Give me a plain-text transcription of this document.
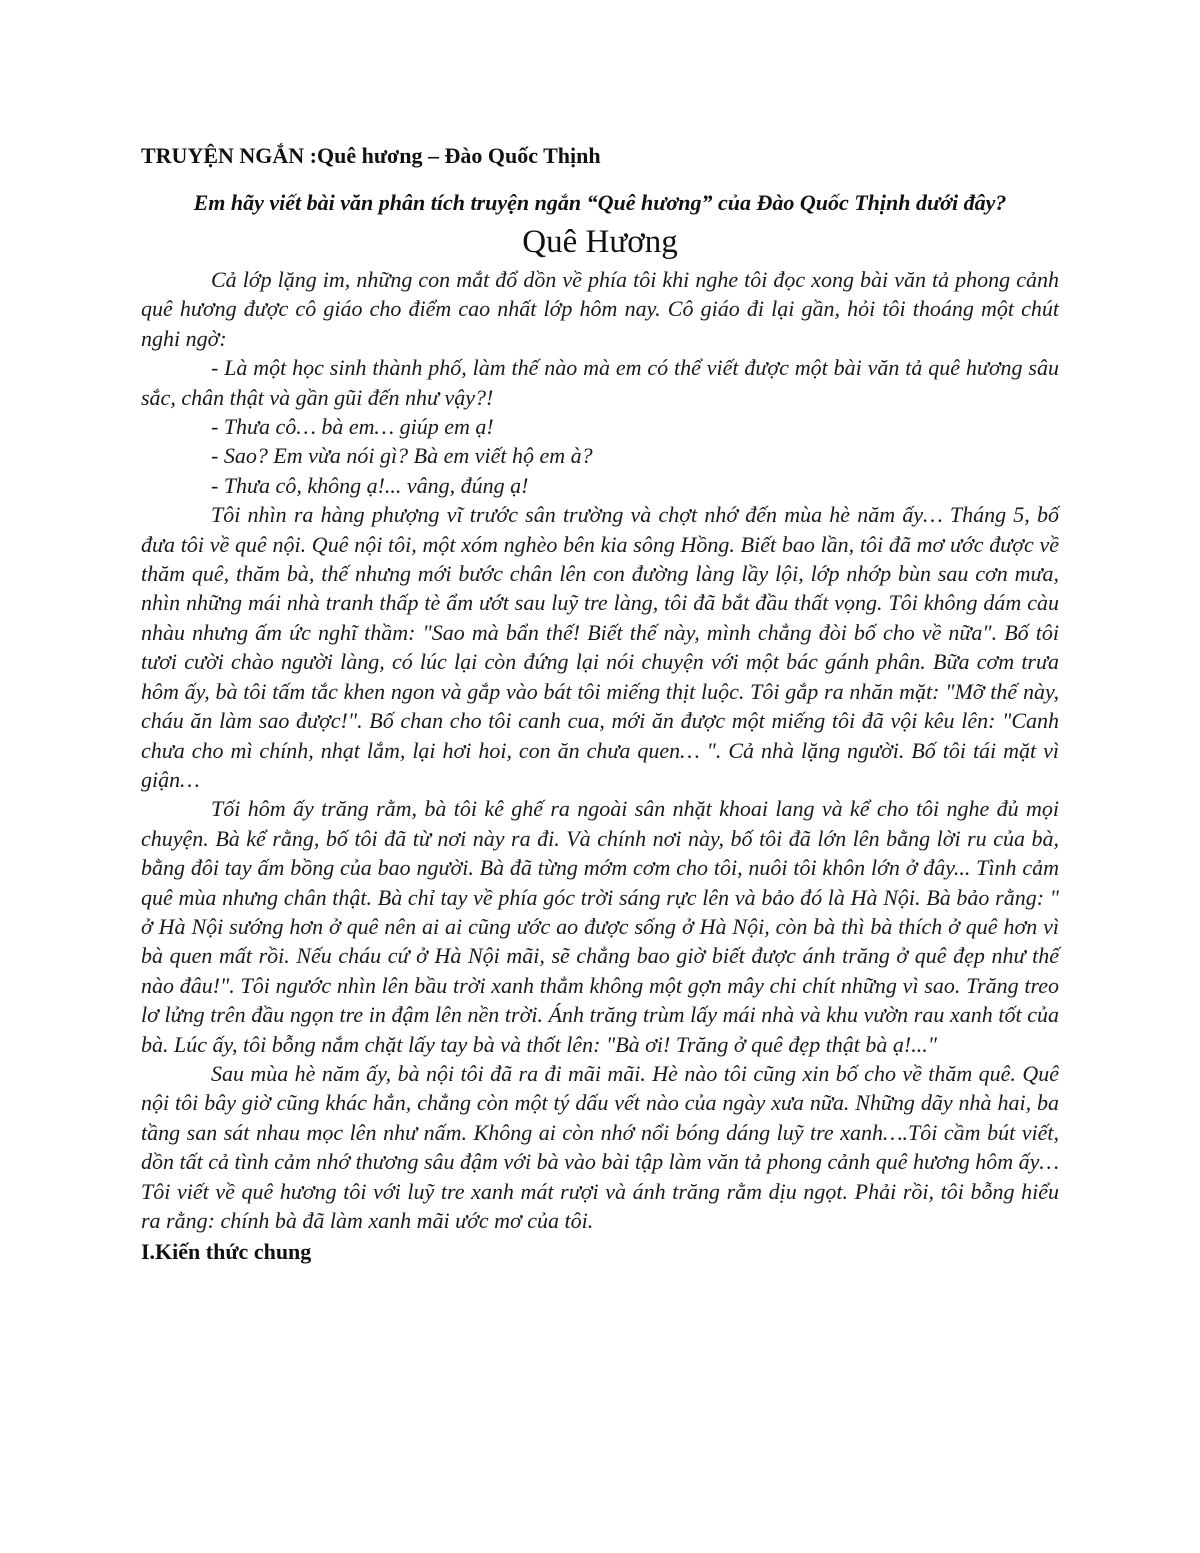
TRUYỆN NGẮN :Quê hương – Đào Quốc Thịnh

Em hãy viết bài văn phân tích truyện ngắn “Quê hương” của Đào Quốc Thịnh dưới đây?

Quê Hương

Cả lớp lặng im, những con mắt đổ dồn về phía tôi khi nghe tôi đọc xong bài văn tả phong cảnh quê hương được cô giáo cho điểm cao nhất lớp hôm nay. Cô giáo đi lại gần, hỏi tôi thoáng một chút nghi ngờ:

- Là một học sinh thành phố, làm thế nào mà em có thể viết được một bài văn tả quê hương sâu sắc, chân thật và gần gũi đến như vậy?!

- Thưa cô… bà em… giúp em ạ!

- Sao? Em vừa nói gì? Bà em viết hộ em à?

- Thưa cô, không ạ!... vâng, đúng ạ!

Tôi nhìn ra hàng phượng vĩ trước sân trường và chợt nhớ đến mùa hè năm ấy… Tháng 5, bố đưa tôi về quê nội. Quê nội tôi, một xóm nghèo bên kia sông Hồng. Biết bao lần, tôi đã mơ ước được về thăm quê, thăm bà, thế nhưng mới bước chân lên con đường làng lầy lội, lớp nhớp bùn sau cơn mưa, nhìn những mái nhà tranh thấp tè ẩm ướt sau luỹ tre làng, tôi đã bắt đầu thất vọng. Tôi không dám càu nhàu nhưng ấm ức nghĩ thầm: "Sao mà bẩn thế! Biết thế này, mình chẳng đòi bố cho về nữa". Bố tôi tươi cười chào người làng, có lúc lại còn đứng lại nói chuyện với một bác gánh phân. Bữa cơm trưa hôm ấy, bà tôi tấm tắc khen ngon và gắp vào bát tôi miếng thịt luộc. Tôi gắp ra nhăn mặt: "Mỡ thế này, cháu ăn làm sao được!". Bố chan cho tôi canh cua, mới ăn được một miếng tôi đã vội kêu lên: "Canh chưa cho mì chính, nhạt lắm, lại hơi hoi, con ăn chưa quen… ". Cả nhà lặng người. Bố tôi tái mặt vì giận…

Tối hôm ấy trăng rằm, bà tôi kê ghế ra ngoài sân nhặt khoai lang và kể cho tôi nghe đủ mọi chuyện. Bà kể rằng, bố tôi đã từ nơi này ra đi. Và chính nơi này, bố tôi đã lớn lên bằng lời ru của bà, bằng đôi tay ấm bồng của bao người. Bà đã từng mớm cơm cho tôi, nuôi tôi khôn lớn ở đây... Tình cảm quê mùa nhưng chân thật. Bà chỉ tay về phía góc trời sáng rực lên và bảo đó là Hà Nội. Bà bảo rằng: " ở Hà Nội sướng hơn ở quê nên ai ai cũng ước ao được sống ở Hà Nội, còn bà thì bà thích ở quê hơn vì bà quen mất rồi. Nếu cháu cứ ở Hà Nội mãi, sẽ chẳng bao giờ biết được ánh trăng ở quê đẹp như thế nào đâu!". Tôi ngước nhìn lên bầu trời xanh thẳm không một gợn mây chi chít những vì sao. Trăng treo lơ lửng trên đầu ngọn tre in đậm lên nền trời. Ánh trăng trùm lấy mái nhà và khu vườn rau xanh tốt của bà. Lúc ấy, tôi bỗng nắm chặt lấy tay bà và thốt lên: "Bà ơi! Trăng ở quê đẹp thật bà ạ!..."

Sau mùa hè năm ấy, bà nội tôi đã ra đi mãi mãi. Hè nào tôi cũng xin bố cho về thăm quê. Quê nội tôi bây giờ cũng khác hẳn, chẳng còn một tý dấu vết nào của ngày xưa nữa. Những dãy nhà hai, ba tầng san sát nhau mọc lên như nấm. Không ai còn nhớ nổi bóng dáng luỹ tre xanh….Tôi cầm bút viết, dồn tất cả tình cảm nhớ thương sâu đậm với bà vào bài tập làm văn tả phong cảnh quê hương hôm ấy… Tôi viết về quê hương tôi với luỹ tre xanh mát rượi và ánh trăng rằm dịu ngọt. Phải rồi, tôi bỗng hiểu ra rằng: chính bà đã làm xanh mãi ước mơ của tôi.

I.Kiến thức chung
